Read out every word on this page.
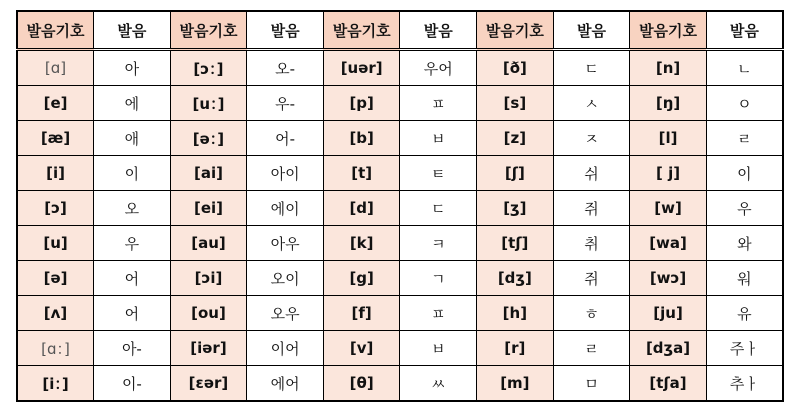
발음기호	발음	발음기호	발음	발음기호	발음	발음기호	발음	발음기호	발음
[ɑ]	아	[ɔ：]	오-	[uər]	우어	[ð]	ㄷ	[n]	ㄴ
[e]	에	[u：]	우-	[p]	ㅍ	[s]	ㅅ	[ŋ]	ㅇ
[æ]	애	[ə：]	어-	[b]	ㅂ	[z]	ㅈ	[l]	ㄹ
[i]	이	[ai]	아이	[t]	ㅌ	[ʃ]	쉬	[ j]	이
[ɔ]	오	[ei]	에이	[d]	ㄷ	[ʒ]	쥐	[w]	우
[u]	우	[au]	아우	[k]	ㅋ	[tʃ]	취	[wa]	와
[ə]	어	[ɔi]	오이	[g]	ㄱ	[dʒ]	쥐	[wɔ]	워
[ʌ]	어	[ou]	오우	[f]	ㅍ	[h]	ㅎ	[ju]	유
[ɑ：]	아-	[iər]	이어	[v]	ㅂ	[r]	ㄹ	[dʒa]	주ㅏ
[i：]	이-	[εər]	에어	[θ]	ㅆ	[m]	ㅁ	[tʃa]	추ㅏ
